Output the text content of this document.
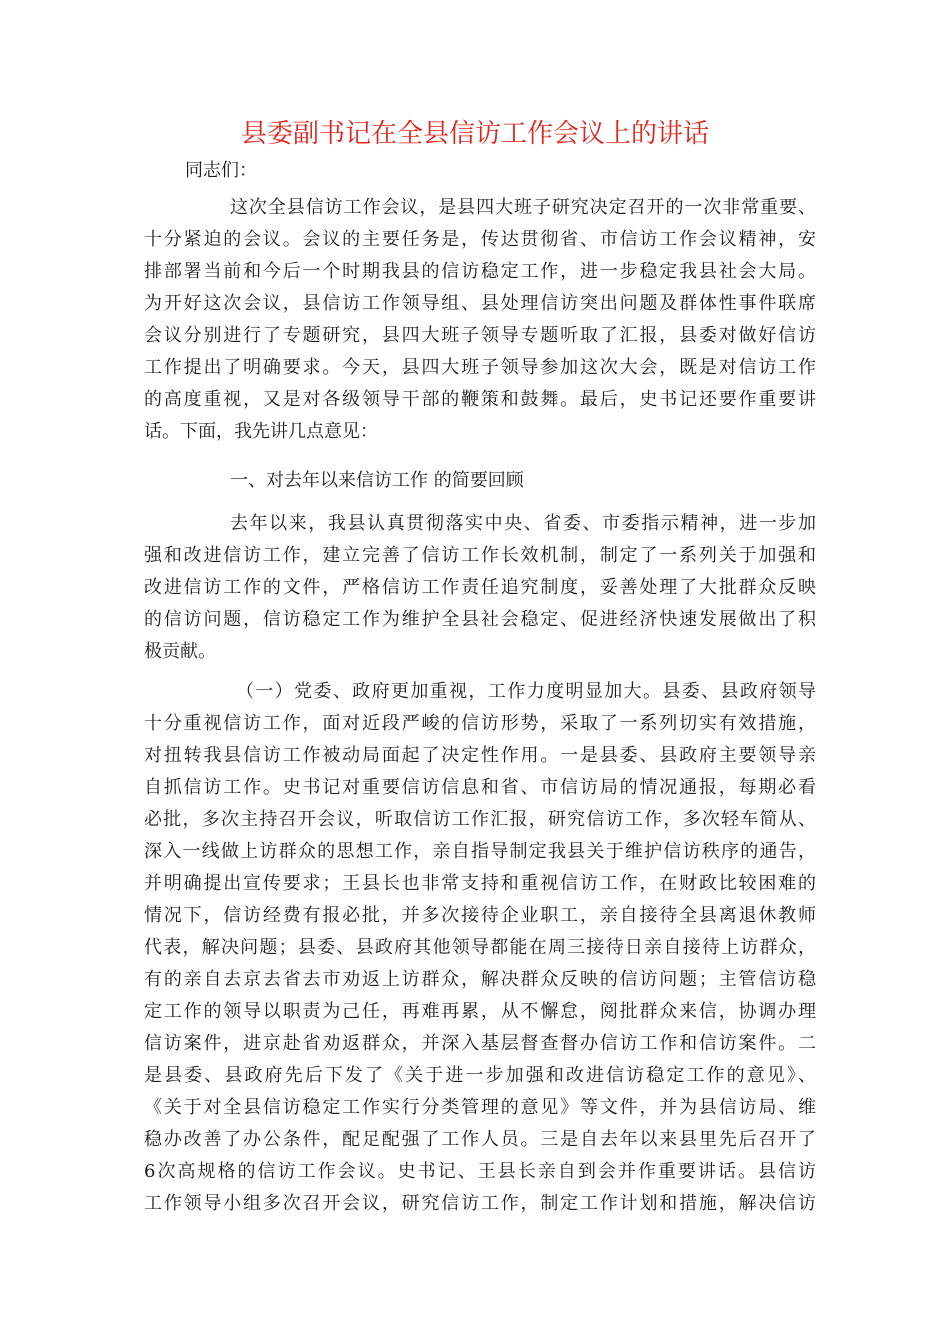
县委副书记在全县信访工作会议上的讲话
同志们：
这次全县信访工作会议，是县四大班子研究决定召开的一次非常重要、
十分紧迫的会议。会议的主要任务是，传达贯彻省、市信访工作会议精神，安
排部署当前和今后一个时期我县的信访稳定工作，进一步稳定我县社会大局。
为开好这次会议，县信访工作领导组、县处理信访突出问题及群体性事件联席
会议分别进行了专题研究，县四大班子领导专题听取了汇报，县委对做好信访
工作提出了明确要求。今天，县四大班子领导参加这次大会，既是对信访工作
的高度重视，又是对各级领导干部的鞭策和鼓舞。最后，史书记还要作重要讲
话。下面，我先讲几点意见：
一、对去年以来信访工作 的简要回顾
去年以来，我县认真贯彻落实中央、省委、市委指示精神，进一步加
强和改进信访工作，建立完善了信访工作长效机制，制定了一系列关于加强和
改进信访工作的文件，严格信访工作责任追究制度，妥善处理了大批群众反映
的信访问题，信访稳定工作为维护全县社会稳定、促进经济快速发展做出了积
极贡献。
（一）党委、政府更加重视，工作力度明显加大。县委、县政府领导
十分重视信访工作，面对近段严峻的信访形势，采取了一系列切实有效措施，
对扭转我县信访工作被动局面起了决定性作用。一是县委、县政府主要领导亲
自抓信访工作。史书记对重要信访信息和省、市信访局的情况通报，每期必看
必批，多次主持召开会议，听取信访工作汇报，研究信访工作，多次轻车简从、
深入一线做上访群众的思想工作，亲自指导制定我县关于维护信访秩序的通告，
并明确提出宣传要求；王县长也非常支持和重视信访工作，在财政比较困难的
情况下，信访经费有报必批，并多次接待企业职工，亲自接待全县离退休教师
代表，解决问题；县委、县政府其他领导都能在周三接待日亲自接待上访群众，
有的亲自去京去省去市劝返上访群众，解决群众反映的信访问题；主管信访稳
定工作的领导以职责为己任，再难再累，从不懈怠，阅批群众来信，协调办理
信访案件，进京赴省劝返群众，并深入基层督查督办信访工作和信访案件。二
是县委、县政府先后下发了《关于进一步加强和改进信访稳定工作的意见》、
《关于对全县信访稳定工作实行分类管理的意见》等文件，并为县信访局、维
稳办改善了办公条件，配足配强了工作人员。三是自去年以来县里先后召开了
6次高规格的信访工作会议。史书记、王县长亲自到会并作重要讲话。县信访
工作领导小组多次召开会议，研究信访工作，制定工作计划和措施，解决信访
